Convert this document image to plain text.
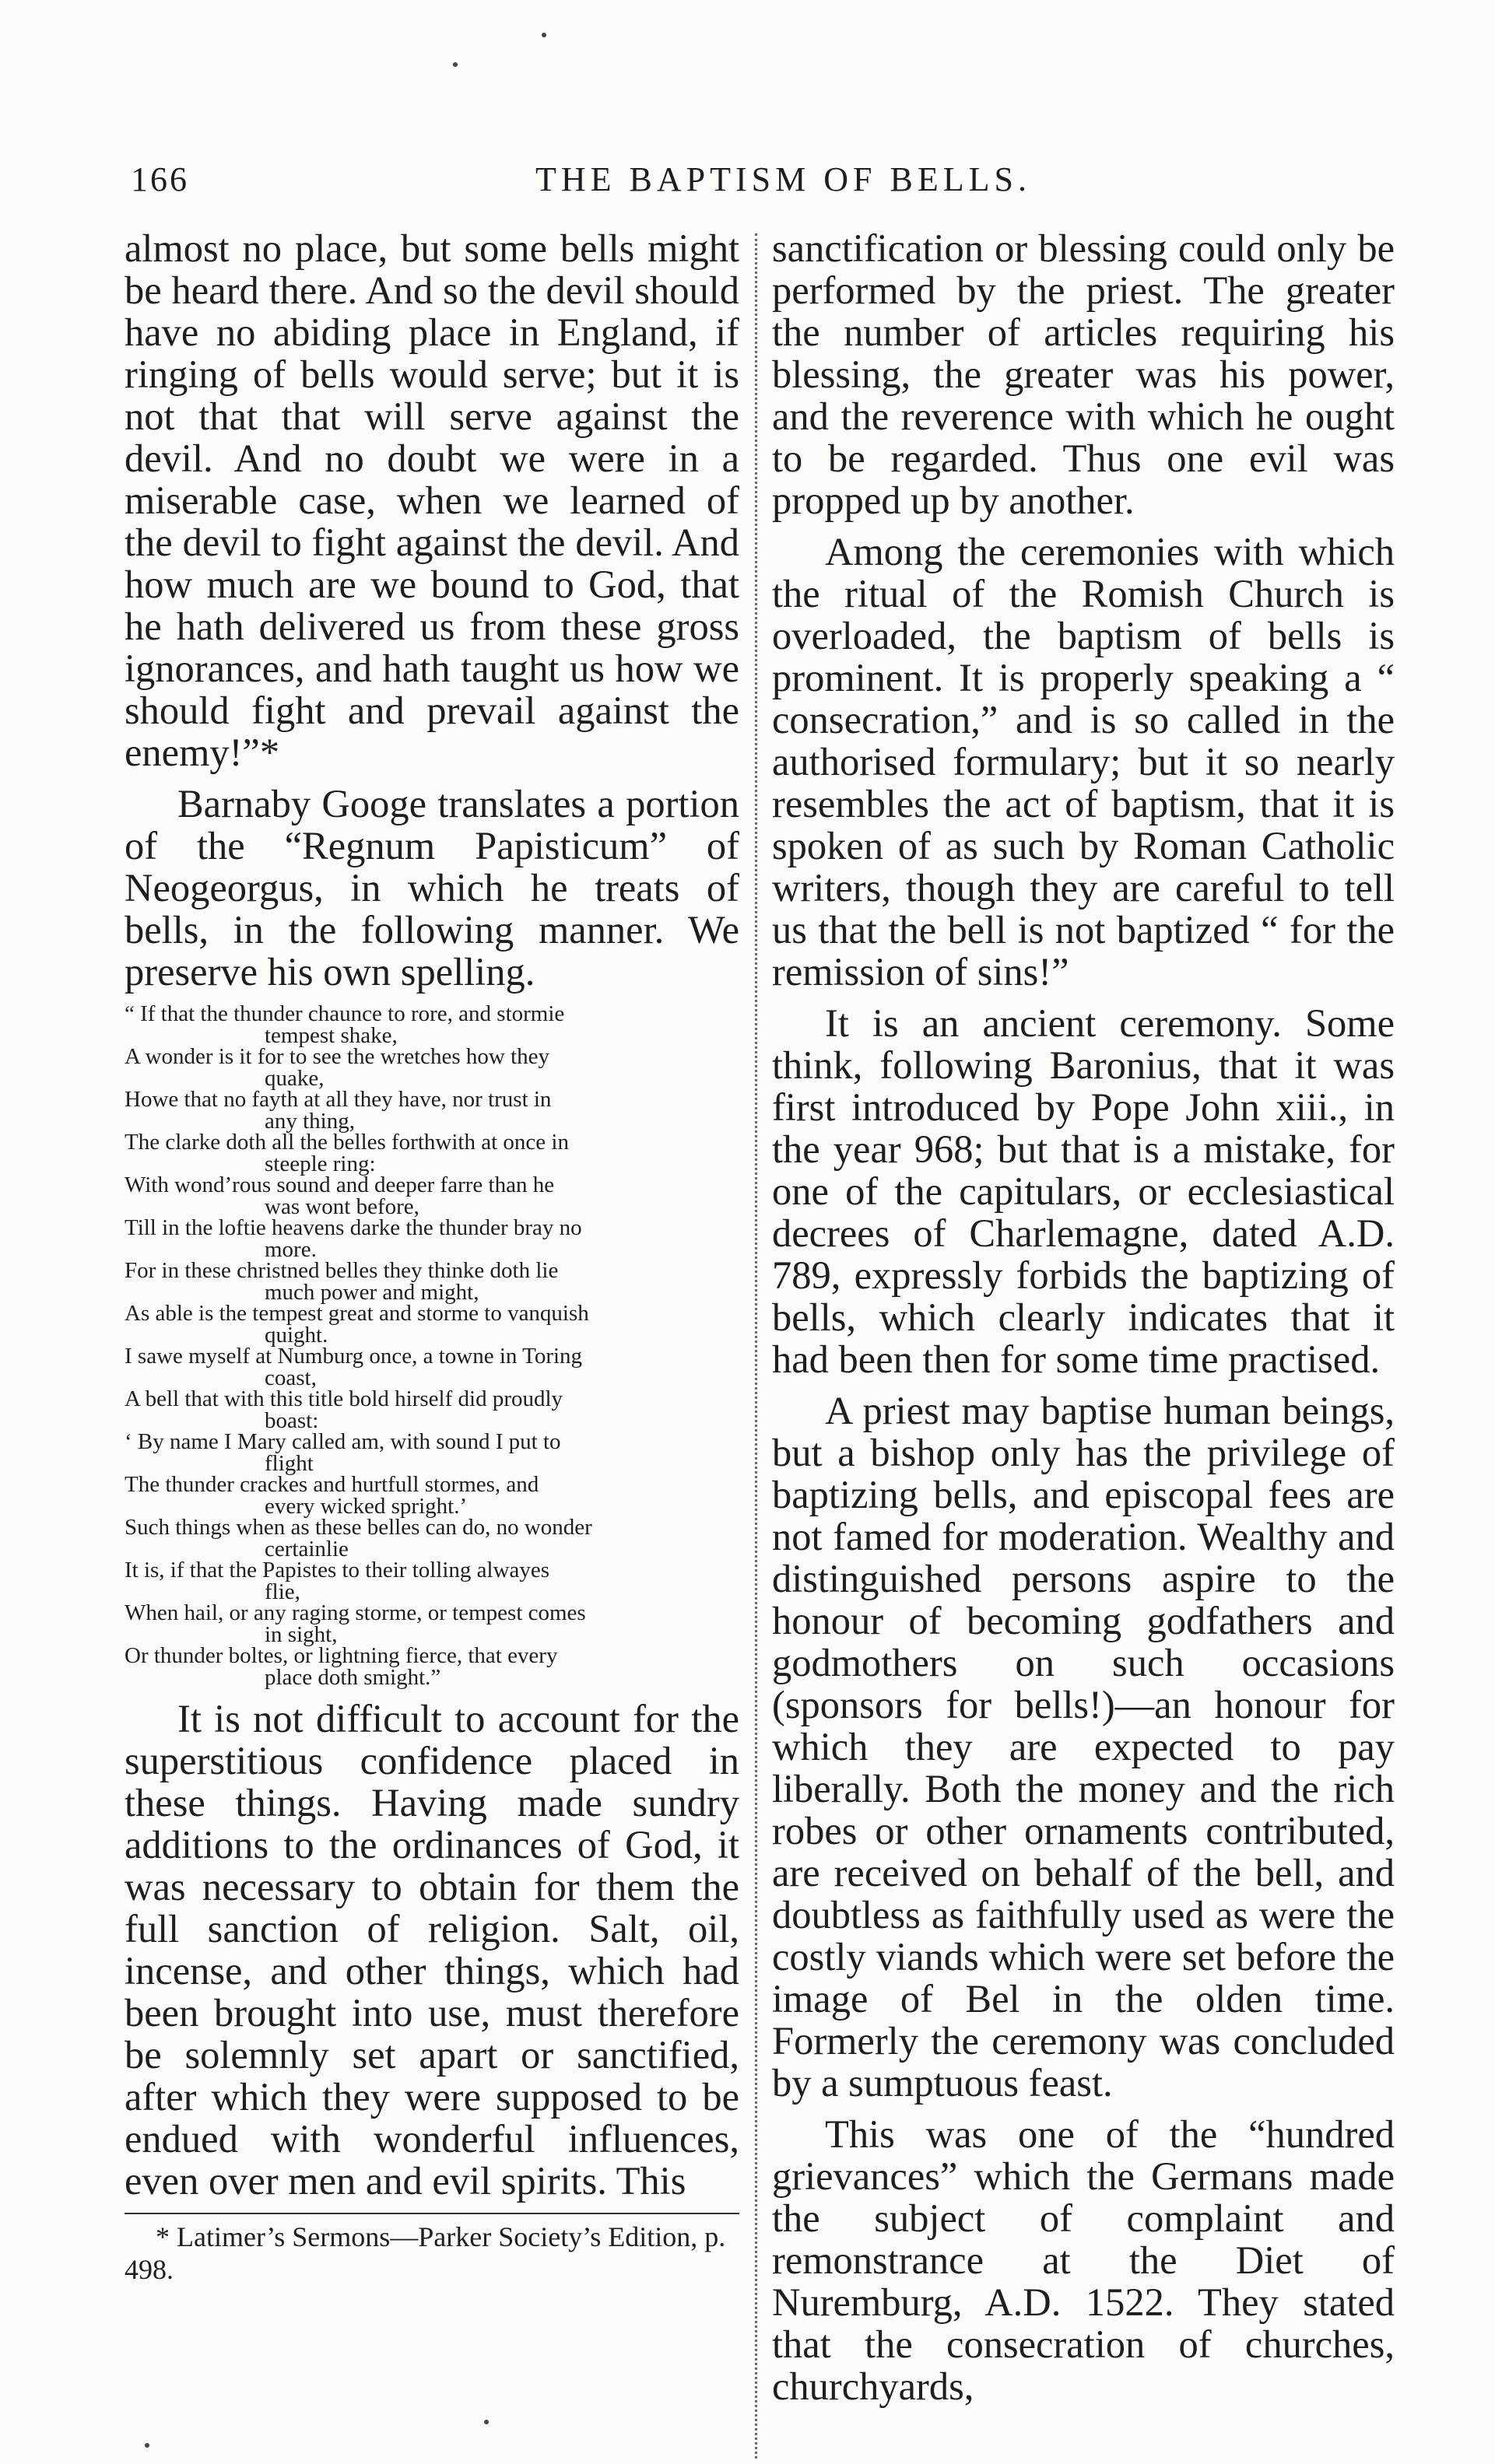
166	THE BAPTISM OF BELLS.

almost no place, but some bells might be heard there. And so the devil should have no abiding place in England, if ringing of bells would serve; but it is not that that will serve against the devil. And no doubt we were in a miserable case, when we learned of the devil to fight against the devil. And how much are we bound to God, that he hath delivered us from these gross ignorances, and hath taught us how we should fight and prevail against the enemy!”*

Barnaby Googe translates a portion of the “Regnum Papisticum” of Neogeorgus, in which he treats of bells, in the following manner. We preserve his own spelling.

“ If that the thunder chaunce to rore, and stormie
tempest shake,
A wonder is it for to see the wretches how they
quake,
Howe that no fayth at all they have, nor trust in
any thing,
The clarke doth all the belles forthwith at once in
steeple ring:
With wond’rous sound and deeper farre than he
was wont before,
Till in the loftie heavens darke the thunder bray no
more.
For in these christned belles they thinke doth lie
much power and might,
As able is the tempest great and storme to vanquish
quight.
I sawe myself at Numburg once, a towne in Toring
coast,
A bell that with this title bold hirself did proudly
boast:
‘ By name I Mary called am, with sound I put to
flight
The thunder crackes and hurtfull stormes, and
every wicked spright.’
Such things when as these belles can do, no wonder
certainlie
It is, if that the Papistes to their tolling alwayes
flie,
When hail, or any raging storme, or tempest comes
in sight,
Or thunder boltes, or lightning fierce, that every
place doth smight.”

It is not difficult to account for the superstitious confidence placed in these things. Having made sundry additions to the ordinances of God, it was necessary to obtain for them the full sanction of religion. Salt, oil, incense, and other things, which had been brought into use, must therefore be solemnly set apart or sanctified, after which they were supposed to be endued with wonderful influences, even over men and evil spirits. This

* Latimer’s Sermons—Parker Society’s Edition, p. 498.

sanctification or blessing could only be performed by the priest. The greater the number of articles requiring his blessing, the greater was his power, and the reverence with which he ought to be regarded. Thus one evil was propped up by another.

Among the ceremonies with which the ritual of the Romish Church is overloaded, the baptism of bells is prominent. It is properly speaking a “ consecration,” and is so called in the authorised formulary; but it so nearly resembles the act of baptism, that it is spoken of as such by Roman Catholic writers, though they are careful to tell us that the bell is not baptized “ for the remission of sins!”

It is an ancient ceremony. Some think, following Baronius, that it was first introduced by Pope John xiii., in the year 968; but that is a mistake, for one of the capitulars, or ecclesiastical decrees of Charlemagne, dated A.D. 789, expressly forbids the baptizing of bells, which clearly indicates that it had been then for some time practised.

A priest may baptise human beings, but a bishop only has the privilege of baptizing bells, and episcopal fees are not famed for moderation. Wealthy and distinguished persons aspire to the honour of becoming godfathers and godmothers on such occasions (sponsors for bells!)—an honour for which they are expected to pay liberally. Both the money and the rich robes or other ornaments contributed, are received on behalf of the bell, and doubtless as faithfully used as were the costly viands which were set before the image of Bel in the olden time. Formerly the ceremony was concluded by a sumptuous feast.

This was one of the “hundred grievances” which the Germans made the subject of complaint and remonstrance at the Diet of Nuremburg, A.D. 1522. They stated that the consecration of churches, churchyards,
